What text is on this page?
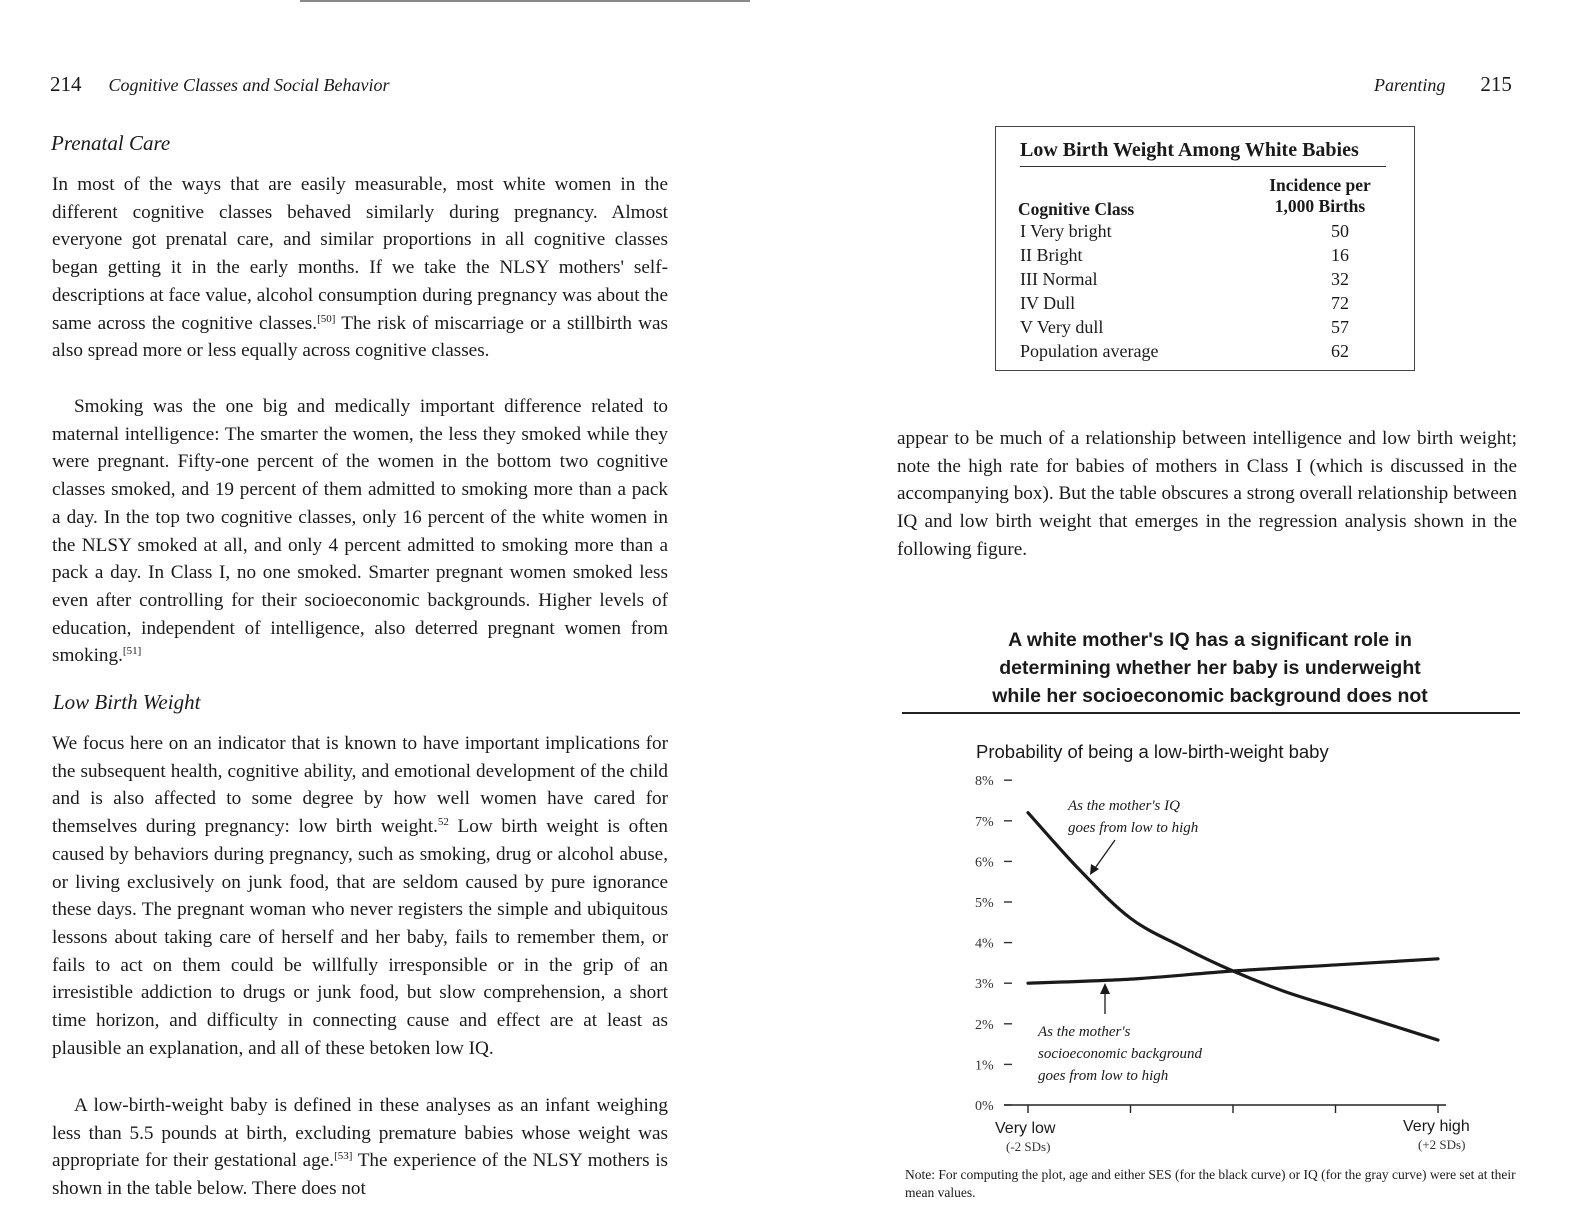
214 Cognitive Classes and Social Behavior
Prenatal Care

In most of the ways that are easily measurable, most white women in the different cognitive classes behaved similarly during pregnancy. Almost everyone got prenatal care, and similar proportions in all cognitive classes began getting it in the early months. If we take the NLSY mothers' self-descriptions at face value, alcohol consumption during pregnancy was about the same across the cognitive classes.[50] The risk of miscarriage or a stillbirth was also spread more or less equally across cognitive classes.

Smoking was the one big and medically important difference related to maternal intelligence: The smarter the women, the less they smoked while they were pregnant. Fifty-one percent of the women in the bottom two cognitive classes smoked, and 19 percent of them admitted to smoking more than a pack a day. In the top two cognitive classes, only 16 percent of the white women in the NLSY smoked at all, and only 4 percent admitted to smoking more than a pack a day. In Class I, no one smoked. Smarter pregnant women smoked less even after controlling for their socioeconomic backgrounds. Higher levels of education, independent of intelligence, also deterred pregnant women from smoking.[51]

Low Birth Weight

We focus here on an indicator that is known to have important implications for the subsequent health, cognitive ability, and emotional development of the child and is also affected to some degree by how well women have cared for themselves during pregnancy: low birth weight.$^{52}$ Low birth weight is often caused by behaviors during pregnancy, such as smoking, drug or alcohol abuse, or living exclusively on junk food, that are seldom caused by pure ignorance these days. The pregnant woman who never registers the simple and ubiquitous lessons about taking care of herself and her baby, fails to remember them, or fails to act on them could be willfully irresponsible or in the grip of an irresistible addiction to drugs or junk food, but slow comprehension, a short time horizon, and difficulty in connecting cause and effect are at least as plausible an explanation, and all of these betoken low IQ.

A low-birth-weight baby is defined in these analyses as an infant weighing less than 5.5 pounds at birth, excluding premature babies whose weight was appropriate for their gestational age.[53] The experience of the NLSY mothers is shown in the table below. There does not

Parenting 215
Low Birth Weight Among White Babies
Incidence per
1,000 Births
Cognitive Class
I Very bright	50
II Bright	16
III Normal	32
IV Dull	72
V Very dull	57
Population average	62

appear to be much of a relationship between intelligence and low birth weight; note the high rate for babies of mothers in Class I (which is discussed in the accompanying box). But the table obscures a strong overall relationship between IQ and low birth weight that emerges in the regression analysis shown in the following figure.

A white mother's IQ has a significant role in
determining whether her baby is underweight
while her socioeconomic background does not
Probability of being a low-birth-weight baby
0%
1%
2%
3%
4%
5%
6%
7%
8%
Very low
(-2 SDs)
Very high
(+2 SDs)
As the mother's IQ
goes from low to high
As the mother's
socioeconomic background
goes from low to high

Note: For computing the plot, age and either SES (for the black curve) or IQ (for the gray curve) were set at their mean values.
